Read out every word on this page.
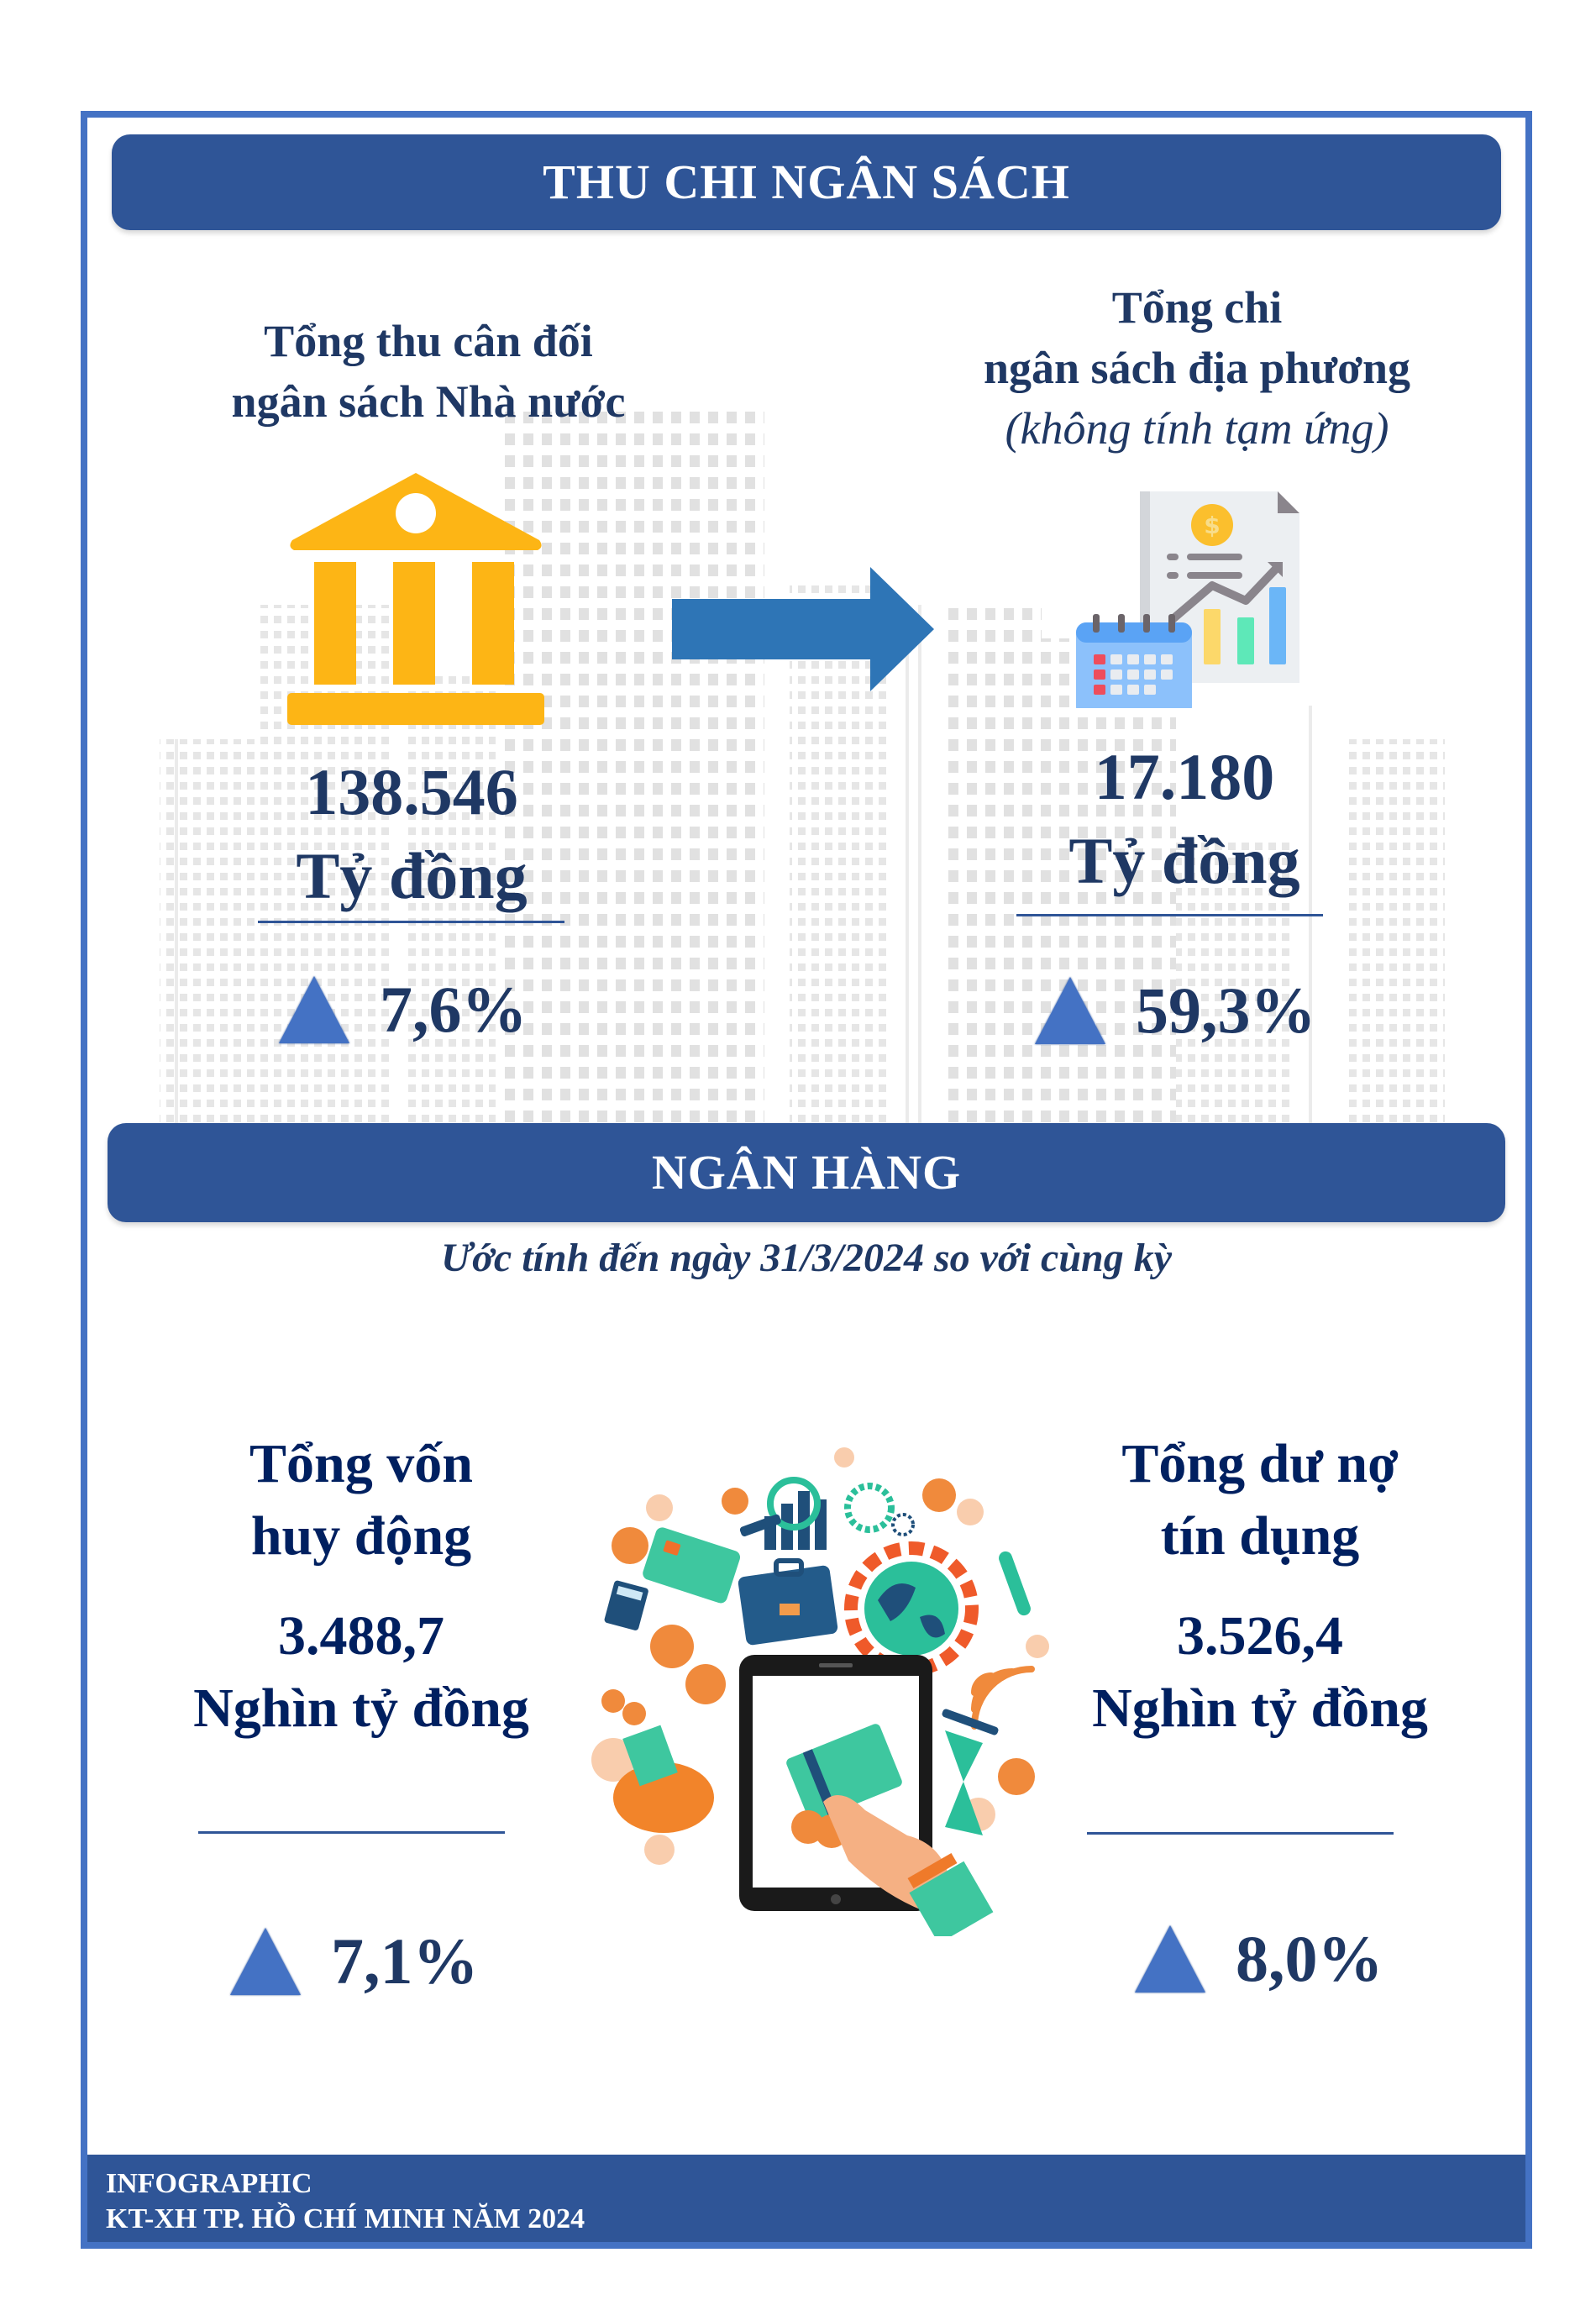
THU CHI NGÂN SÁCH
Tổng thu cân đối
ngân sách Nhà nước
Tổng chi
ngân sách địa phương
(không tính tạm ứng)
$
138.546
Tỷ đồng
7,6%
17.180
Tỷ đồng
59,3%
NGÂN HÀNG
Ước tính đến ngày 31/3/2024 so với cùng kỳ
Tổng vốn
huy động
3.488,7
Nghìn tỷ đồng
7,1%
Tổng dư nợ
tín dụng
3.526,4
Nghìn tỷ đồng
8,0%
INFOGRAPHIC
KT-XH TP. HỒ CHÍ MINH NĂM 2024
